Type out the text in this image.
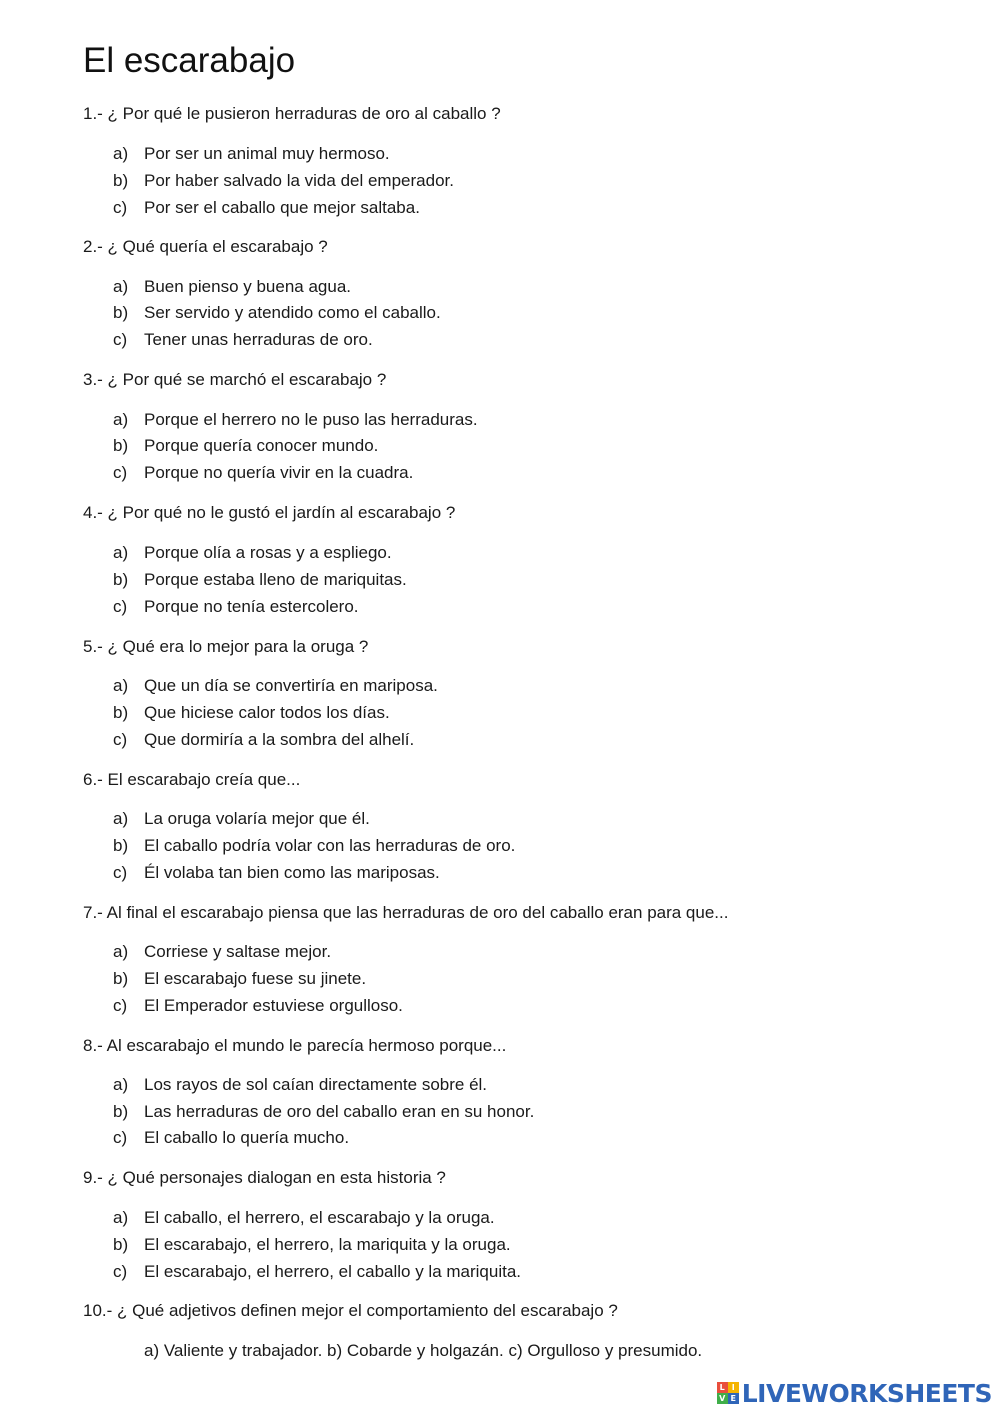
El escarabajo

1.- ¿ Por qué le pusieron herraduras de oro al caballo ?

a) Por ser un animal muy hermoso.

b) Por haber salvado la vida del emperador.

c) Por ser el caballo que mejor saltaba.

2.- ¿ Qué quería el escarabajo ?

a) Buen pienso y buena agua.

b) Ser servido y atendido como el caballo.

c) Tener unas herraduras de oro.

3.- ¿ Por qué se marchó el escarabajo ?

a) Porque el herrero no le puso las herraduras.

b) Porque quería conocer mundo.

c) Porque no quería vivir en la cuadra.

4.- ¿ Por qué no le gustó el jardín al escarabajo ?

a) Porque olía a rosas y a espliego.

b) Porque estaba lleno de mariquitas.

c) Porque no tenía estercolero.

5.- ¿ Qué era lo mejor para la oruga ?

a) Que un día se convertiría en mariposa.

b) Que hiciese calor todos los días.

c) Que dormiría a la sombra del alhelí.

6.- El escarabajo creía que...

a) La oruga volaría mejor que él.

b) El caballo podría volar con las herraduras de oro.

c) Él volaba tan bien como las mariposas.

7.- Al final el escarabajo piensa que las herraduras de oro del caballo eran para que...

a) Corriese y saltase mejor.

b) El escarabajo fuese su jinete.

c) El Emperador estuviese orgulloso.

8.- Al escarabajo el mundo le parecía hermoso porque...

a) Los rayos de sol caían directamente sobre él.

b) Las herraduras de oro del caballo eran en su honor.

c) El caballo lo quería mucho.

9.- ¿ Qué personajes dialogan en esta historia ?

a) El caballo, el herrero, el escarabajo y la oruga.

b) El escarabajo, el herrero, la mariquita y la oruga.

c) El escarabajo, el herrero, el caballo y la mariquita.

10.- ¿ Qué adjetivos definen mejor el comportamiento del escarabajo ?

a) Valiente y trabajador. b) Cobarde y holgazán. c) Orgulloso y presumido.

L I
V E LIVEWORKSHEETS
